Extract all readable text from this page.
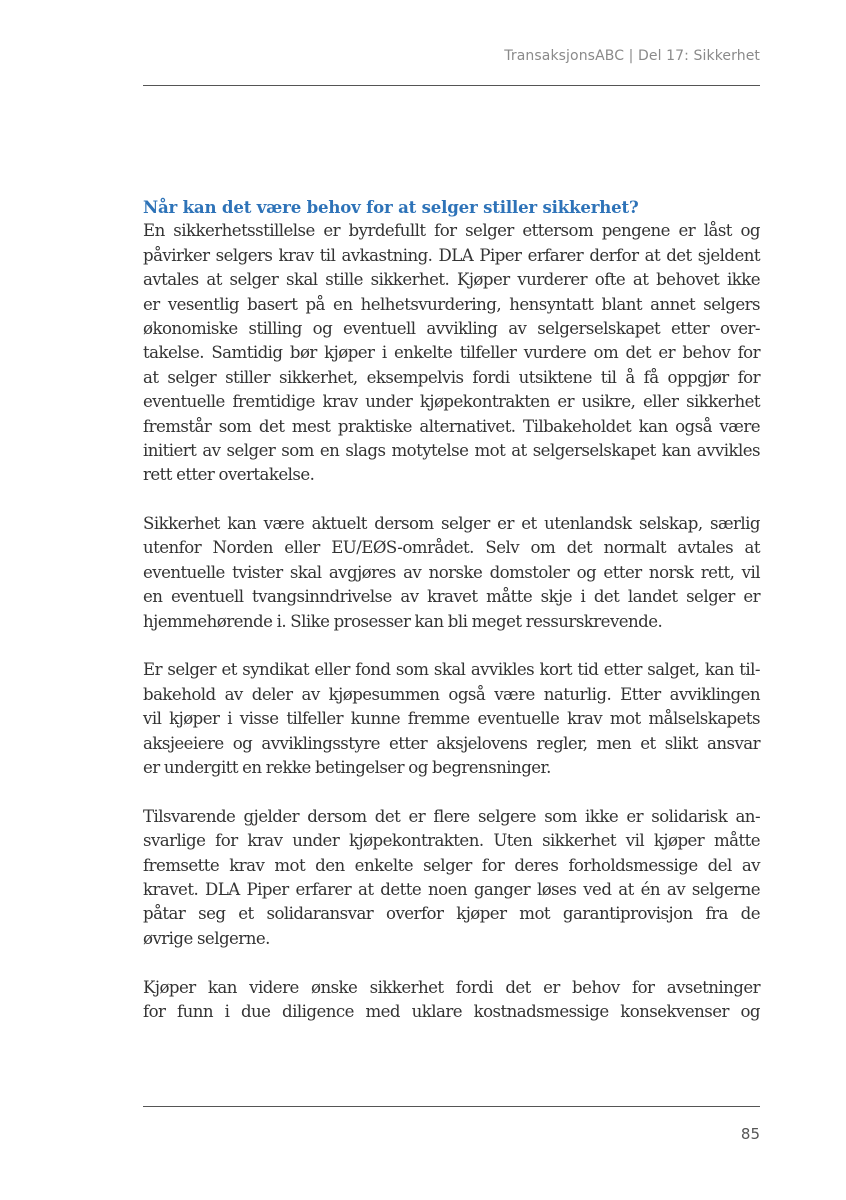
TransaksjonsABC | Del 17: Sikkerhet
Når kan det være behov for at selger stiller sikkerhet?
En sikkerhetsstillelse er byrdefullt for selger ettersom pengene er låst og
påvirker selgers krav til avkastning. DLA Piper erfarer derfor at det sjeldent
avtales at selger skal stille sikkerhet. Kjøper vurderer ofte at behovet ikke
er vesentlig basert på en helhetsvurdering, hensyntatt blant annet selgers
økonomiske stilling og eventuell avvikling av selgerselskapet etter over-
takelse. Samtidig bør kjøper i enkelte tilfeller vurdere om det er behov for
at selger stiller sikkerhet, eksempelvis fordi utsiktene til å få oppgjør for
eventuelle fremtidige krav under kjøpekontrakten er usikre, eller sikkerhet
fremstår som det mest praktiske alternativet. Tilbakeholdet kan også være
initiert av selger som en slags motytelse mot at selgerselskapet kan avvikles
rett etter overtakelse.
Sikkerhet kan være aktuelt dersom selger er et utenlandsk selskap, særlig
utenfor Norden eller EU/EØS-området. Selv om det normalt avtales at
eventuelle tvister skal avgjøres av norske domstoler og etter norsk rett, vil
en eventuell tvangsinndrivelse av kravet måtte skje i det landet selger er
hjemmehørende i. Slike prosesser kan bli meget ressurskrevende.
Er selger et syndikat eller fond som skal avvikles kort tid etter salget, kan til-
bakehold av deler av kjøpesummen også være naturlig. Etter avviklingen
vil kjøper i visse tilfeller kunne fremme eventuelle krav mot målselskapets
aksjeeiere og avviklingsstyre etter aksjelovens regler, men et slikt ansvar
er undergitt en rekke betingelser og begrensninger.
Tilsvarende gjelder dersom det er flere selgere som ikke er solidarisk an-
svarlige for krav under kjøpekontrakten. Uten sikkerhet vil kjøper måtte
fremsette krav mot den enkelte selger for deres forholdsmessige del av
kravet. DLA Piper erfarer at dette noen ganger løses ved at én av selgerne
påtar seg et solidaransvar overfor kjøper mot garantiprovisjon fra de
øvrige selgerne.
Kjøper kan videre ønske sikkerhet fordi det er behov for avsetninger
for funn i due diligence med uklare kostnadsmessige konsekvenser og
85
